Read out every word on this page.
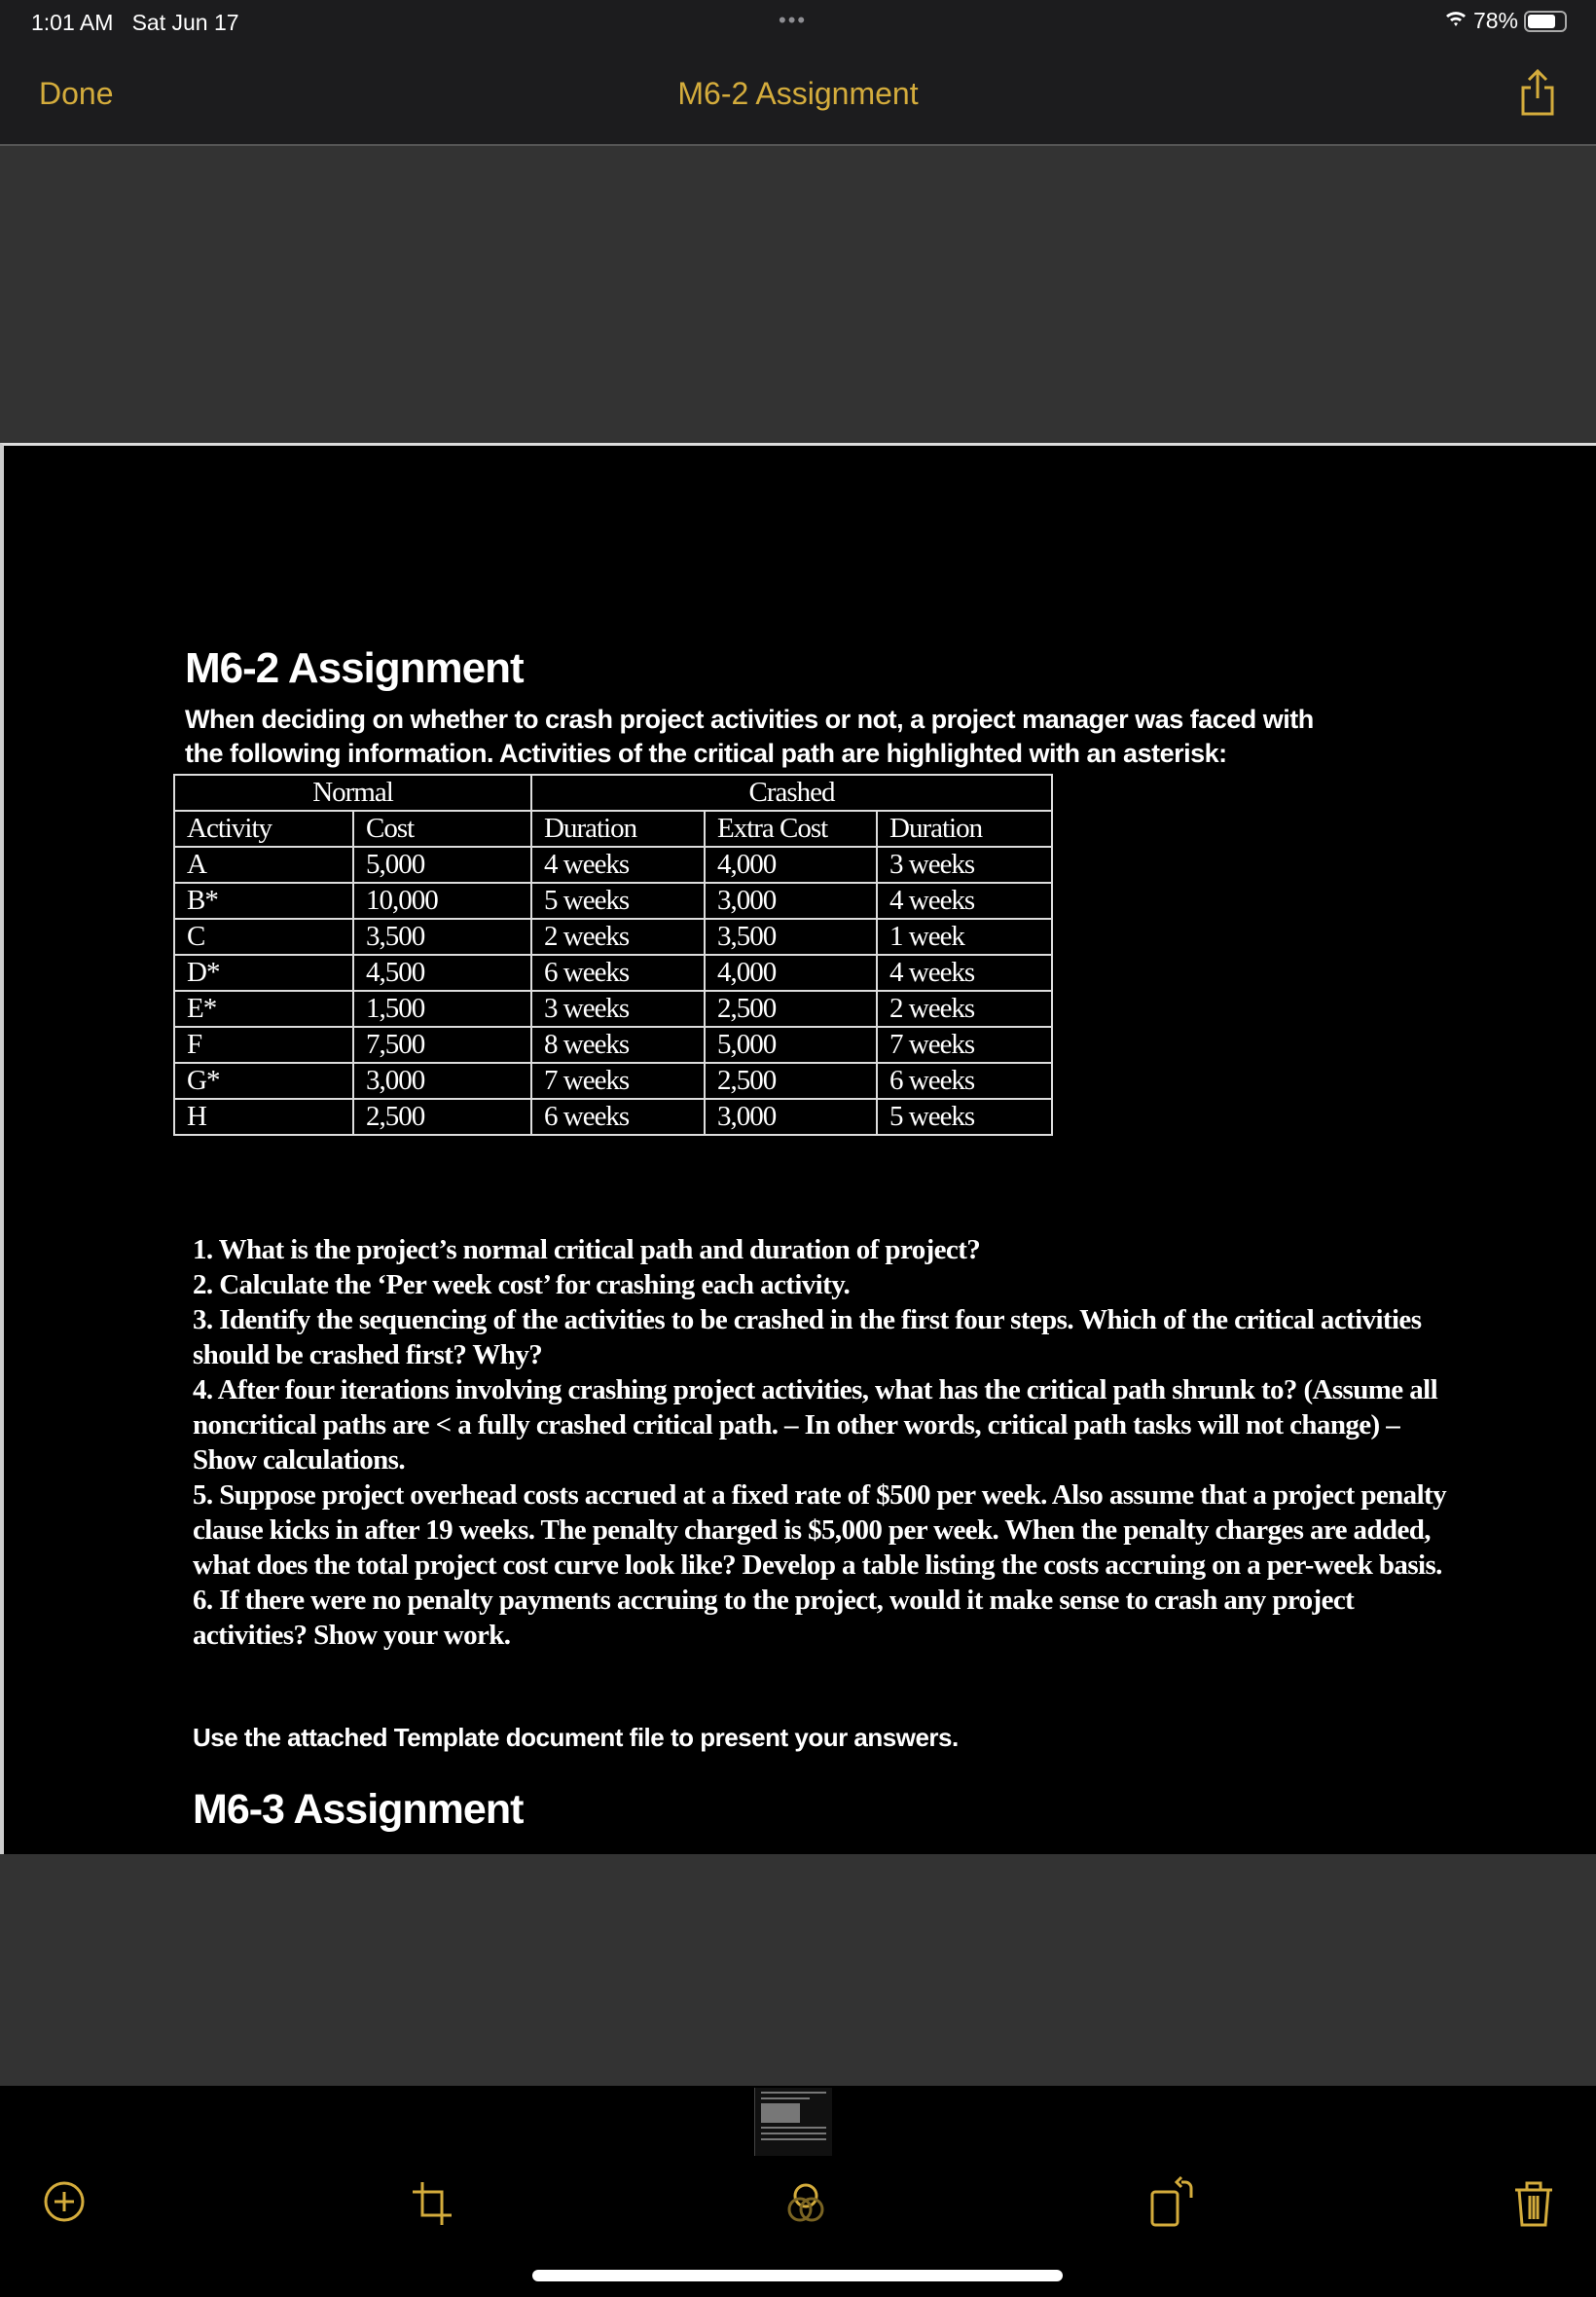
1:01 AM Sat Jun 17	•••	78%
Done	M6-2 Assignment
M6-2 Assignment

When deciding on whether to crash project activities or not, a project manager was faced with the following information. Activities of the critical path are highlighted with an asterisk:

Normal		Crashed		
Activity	Cost	Duration	Extra Cost	Duration
A	5,000	4 weeks	4,000	3 weeks
B*	10,000	5 weeks	3,000	4 weeks
C	3,500	2 weeks	3,500	1 week
D*	4,500	6 weeks	4,000	4 weeks
E*	1,500	3 weeks	2,500	2 weeks
F	7,500	8 weeks	5,000	7 weeks
G*	3,000	7 weeks	2,500	6 weeks
H	2,500	6 weeks	3,000	5 weeks

1. What is the project’s normal critical path and duration of project?

2. Calculate the ‘Per week cost’ for crashing each activity.

3. Identify the sequencing of the activities to be crashed in the first four steps. Which of the critical activities should be crashed first? Why?

4. After four iterations involving crashing project activities, what has the critical path shrunk to? (Assume all noncritical paths are < a fully crashed critical path. – In other words, critical path tasks will not change) – Show calculations.

5. Suppose project overhead costs accrued at a fixed rate of $500 per week. Also assume that a project penalty clause kicks in after 19 weeks. The penalty charged is $5,000 per week. When the penalty charges are added, what does the total project cost curve look like? Develop a table listing the costs accruing on a per-week basis.

6. If there were no penalty payments accruing to the project, would it make sense to crash any project activities? Show your work.

Use the attached Template document file to present your answers.

M6-3 Assignment
